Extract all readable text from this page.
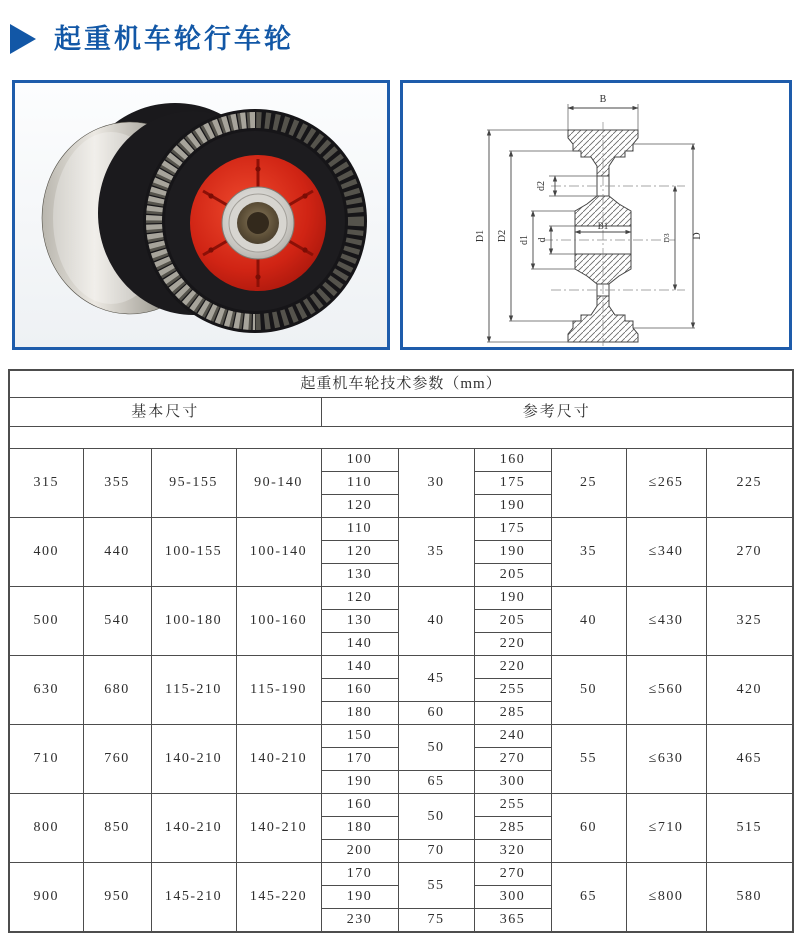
起重机车轮行车轮
B
D1 D2 d1 d
d2
B1
D3 D
起重机车轮技术参数（mm）									
基本尺寸				参考尺寸					

315	355	95-155	90-140	100	30	160	25	≤265	225
				110		175			
				120		190			
400	440	100-155	100-140	110	35	175	35	≤340	270
				120		190			
				130		205			
500	540	100-180	100-160	120	40	190	40	≤430	325
				130		205			
				140		220			
630	680	115-210	115-190	140	45	220	50	≤560	420
				160		255			
				180	60	285			
710	760	140-210	140-210	150	50	240	55	≤630	465
				170		270			
				190	65	300			
800	850	140-210	140-210	160	50	255	60	≤710	515
				180		285			
				200	70	320			
900	950	145-210	145-220	170	55	270	65	≤800	580
				190		300			
				230	75	365			
